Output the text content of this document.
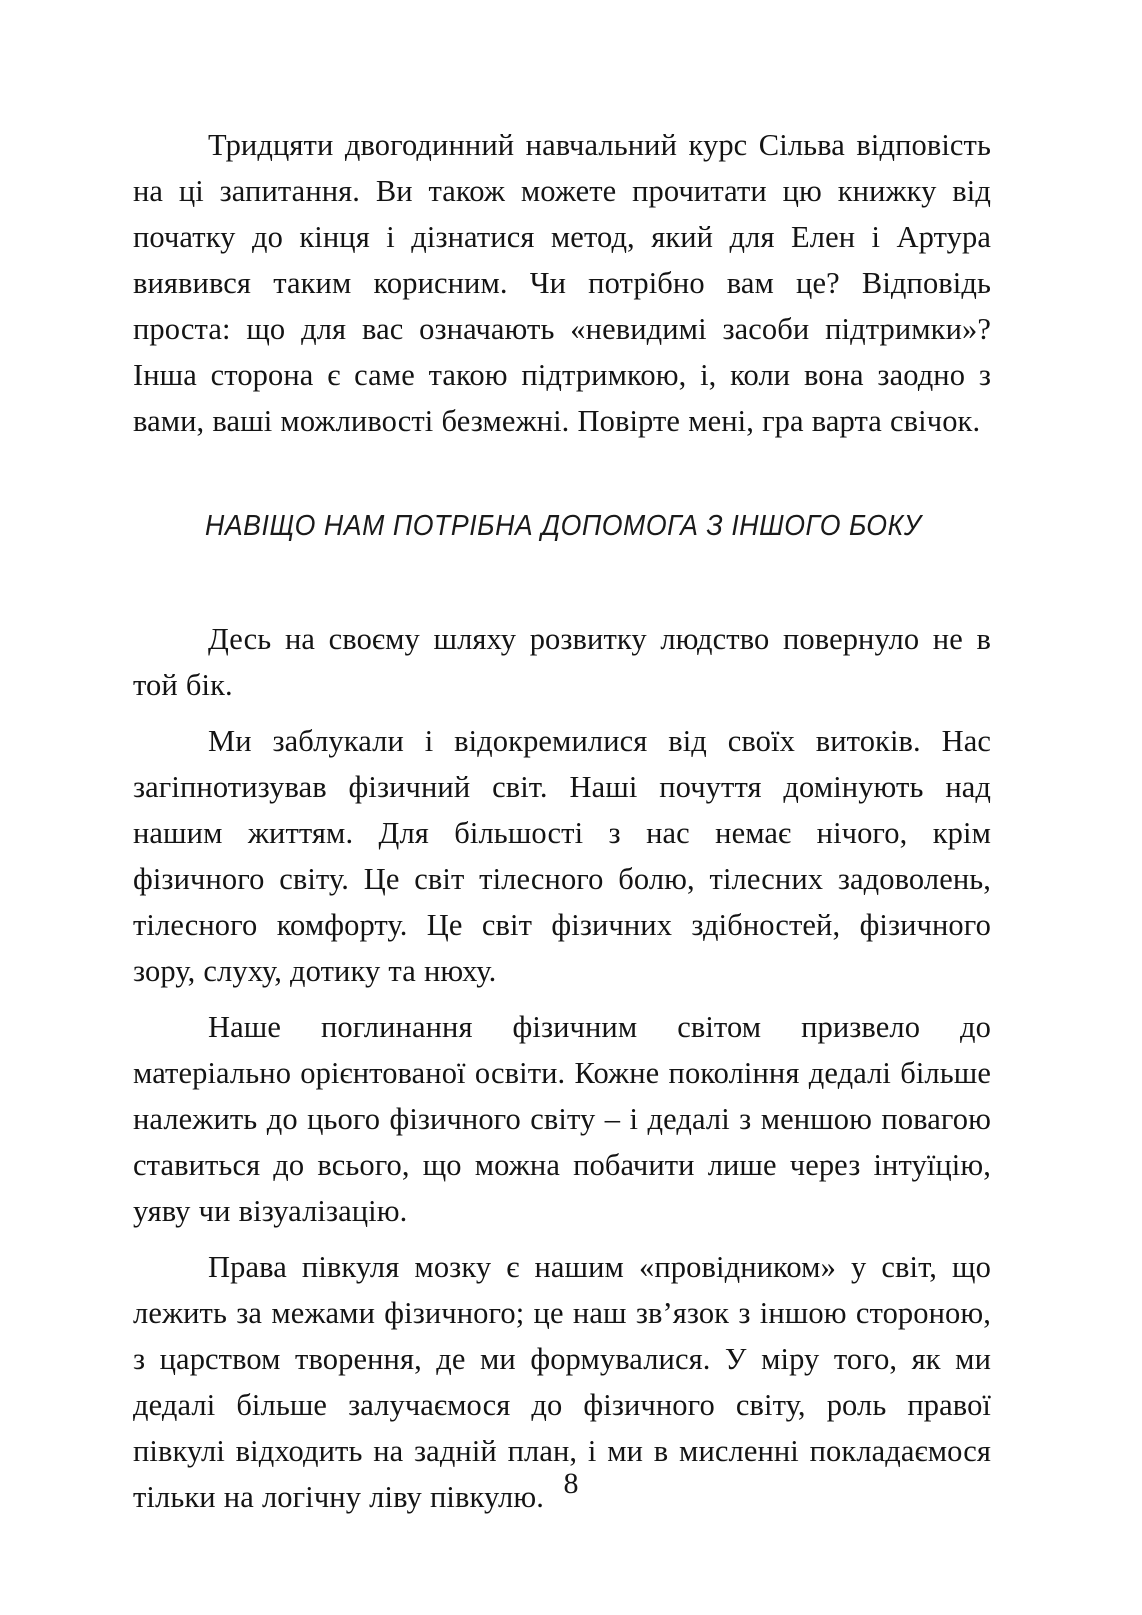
Тридцяти двогодинний навчальний курс Сільва відповість на ці запитання. Ви також можете прочитати цю книжку від початку до кінця і дізнатися метод, який для Елен і Артура виявився таким корисним. Чи потрібно вам це? Відповідь проста: що для вас означають «невидимі засоби підтримки»? Інша сторона є саме такою підтримкою, і, коли вона заодно з вами, ваші можливості безмежні. Повірте мені, гра варта свічок.

НАВІЩО НАМ ПОТРІБНА ДОПОМОГА З ІНШОГО БОКУ

Десь на своєму шляху розвитку людство повернуло не в той бік.

Ми заблукали і відокремилися від своїх витоків. Нас загіпнотизував фізичний світ. Наші почуття домінують над нашим життям. Для більшості з нас немає нічого, крім фізичного світу. Це світ тілесного болю, тілесних задоволень, тілесного комфорту. Це світ фізичних здібностей, фізичного зору, слуху, дотику та нюху.

Наше поглинання фізичним світом призвело до матеріально орієнтованої освіти. Кожне покоління дедалі більше належить до цього фізичного світу – і дедалі з меншою повагою ставиться до всього, що можна побачити лише через інтуїцію, уяву чи візуалізацію.

Права півкуля мозку є нашим «провідником» у світ, що лежить за межами фізичного; це наш зв’язок з іншою стороною, з царством творення, де ми формувалися. У міру того, як ми дедалі більше залучаємося до фізичного світу, роль правої півкулі відходить на задній план, і ми в мисленні покладаємося тільки на логічну ліву півкулю. 8
